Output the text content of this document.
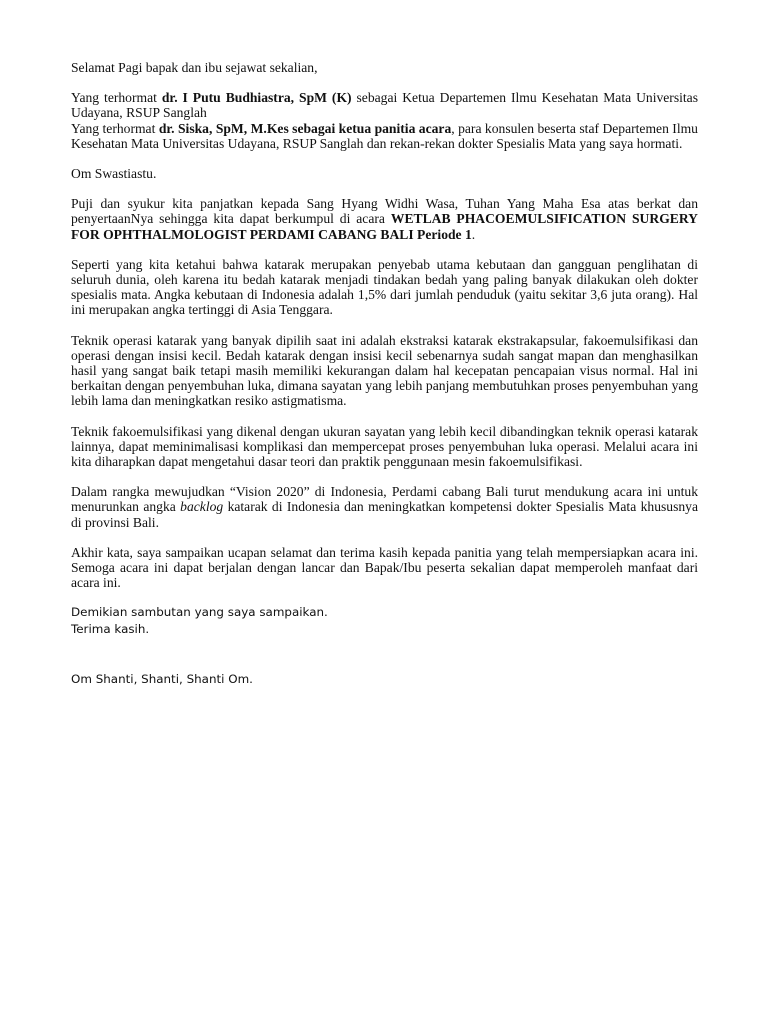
Selamat Pagi bapak dan ibu sejawat sekalian,

Yang terhormat dr. I Putu Budhiastra, SpM (K) sebagai Ketua Departemen Ilmu Kesehatan Mata Universitas Udayana, RSUP Sanglah

Yang terhormat dr. Siska, SpM, M.Kes sebagai ketua panitia acara, para konsulen beserta staf Departemen Ilmu Kesehatan Mata Universitas Udayana, RSUP Sanglah dan rekan-rekan dokter Spesialis Mata yang saya hormati.

Om Swastiastu.

Puji dan syukur kita panjatkan kepada Sang Hyang Widhi Wasa, Tuhan Yang Maha Esa atas berkat dan penyertaanNya sehingga kita dapat berkumpul di acara WETLAB PHACOEMULSIFICATION SURGERY FOR OPHTHALMOLOGIST PERDAMI CABANG BALI Periode 1.

Seperti yang kita ketahui bahwa katarak merupakan penyebab utama kebutaan dan gangguan penglihatan di seluruh dunia, oleh karena itu bedah katarak menjadi tindakan bedah yang paling banyak dilakukan oleh dokter spesialis mata. Angka kebutaan di Indonesia adalah 1,5% dari jumlah penduduk (yaitu sekitar 3,6 juta orang). Hal ini merupakan angka tertinggi di Asia Tenggara.

Teknik operasi katarak yang banyak dipilih saat ini adalah ekstraksi katarak ekstrakapsular, fakoemulsifikasi dan operasi dengan insisi kecil. Bedah katarak dengan insisi kecil sebenarnya sudah sangat mapan dan menghasilkan hasil yang sangat baik tetapi masih memiliki kekurangan dalam hal kecepatan pencapaian visus normal. Hal ini berkaitan dengan penyembuhan luka, dimana sayatan yang lebih panjang membutuhkan proses penyembuhan yang lebih lama dan meningkatkan resiko astigmatisma.

Teknik fakoemulsifikasi yang dikenal dengan ukuran sayatan yang lebih kecil dibandingkan teknik operasi katarak lainnya, dapat meminimalisasi komplikasi dan mempercepat proses penyembuhan luka operasi. Melalui acara ini kita diharapkan dapat mengetahui dasar teori dan praktik penggunaan mesin fakoemulsifikasi.

Dalam rangka mewujudkan “Vision 2020” di Indonesia, Perdami cabang Bali turut mendukung acara ini untuk menurunkan angka backlog katarak di Indonesia dan meningkatkan kompetensi dokter Spesialis Mata khususnya di provinsi Bali.

Akhir kata, saya sampaikan ucapan selamat dan terima kasih kepada panitia yang telah mempersiapkan acara ini. Semoga acara ini dapat berjalan dengan lancar dan Bapak/Ibu peserta sekalian dapat memperoleh manfaat dari acara ini.

Demikian sambutan yang saya sampaikan.

Terima kasih.

Om Shanti, Shanti, Shanti Om.
